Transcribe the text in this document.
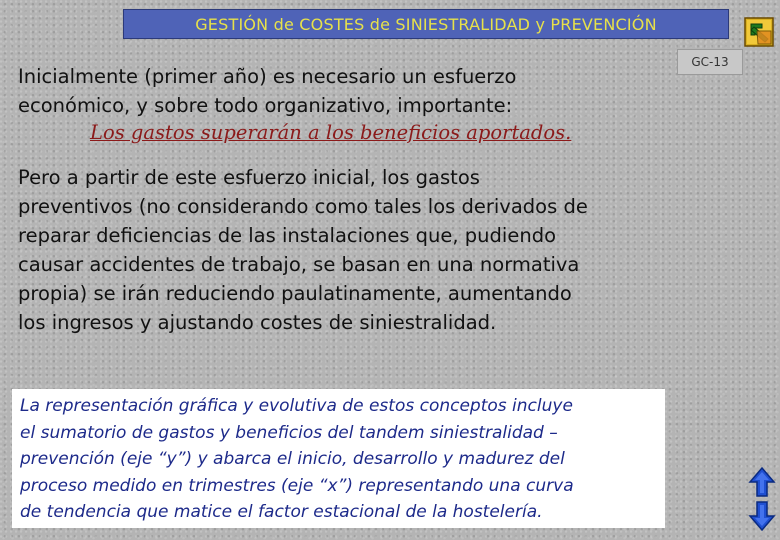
GESTIÓN de COSTES de SINIESTRALIDAD y PREVENCIÓN
GC-13
Inicialmente (primer año) es necesario un esfuerzo
económico, y sobre todo organizativo, importante:
Los gastos superarán a los beneficios aportados.
Pero a partir de este esfuerzo inicial, los gastos
preventivos (no considerando como tales los derivados de
reparar deficiencias de las instalaciones que, pudiendo
causar accidentes de trabajo, se basan en una normativa
propia) se irán reduciendo paulatinamente, aumentando
los ingresos y ajustando costes de siniestralidad.
La representación gráfica y evolutiva de estos conceptos incluye
el sumatorio de gastos y beneficios del tandem siniestralidad –
prevención (eje “y”) y abarca el inicio, desarrollo y madurez del
proceso medido en trimestres (eje “x”) representando una curva
de tendencia que matice el factor estacional de la hostelería.
